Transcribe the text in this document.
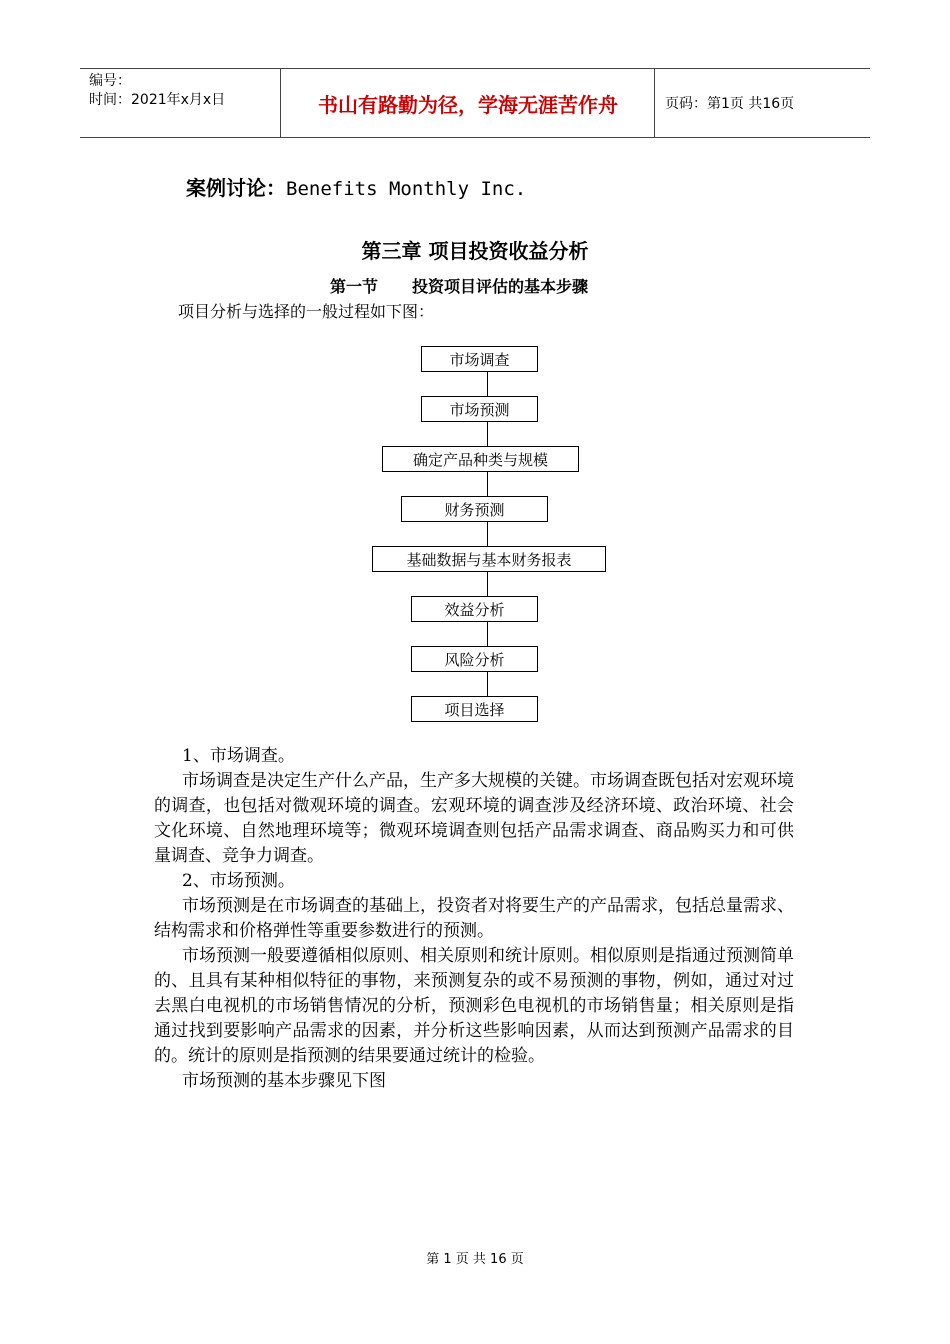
编号：
时间：2021年x月x日	书山有路勤为径，学海无涯苦作舟	页码：第1页 共16页
案例讨论：Benefits Monthly Inc.
第三章 项目投资收益分析
第一节 投资项目评估的基本步骤
项目分析与选择的一般过程如下图：
市场调查
市场预测
确定产品种类与规模
财务预测
基础数据与基本财务报表
效益分析
风险分析
项目选择

1、市场调查。

市场调查是决定生产什么产品，生产多大规模的关键。市场调查既包括对宏观环境的调查，也包括对微观环境的调查。宏观环境的调查涉及经济环境、政治环境、社会文化环境、自然地理环境等；微观环境调查则包括产品需求调查、商品购买力和可供量调查、竞争力调查。

2、市场预测。

市场预测是在市场调查的基础上，投资者对将要生产的产品需求，包括总量需求、结构需求和价格弹性等重要参数进行的预测。

市场预测一般要遵循相似原则、相关原则和统计原则。相似原则是指通过预测简单的、且具有某种相似特征的事物，来预测复杂的或不易预测的事物，例如，通过对过去黑白电视机的市场销售情况的分析，预测彩色电视机的市场销售量；相关原则是指通过找到要影响产品需求的因素，并分析这些影响因素，从而达到预测产品需求的目的。统计的原则是指预测的结果要通过统计的检验。

市场预测的基本步骤见下图

第 1 页 共 16 页
